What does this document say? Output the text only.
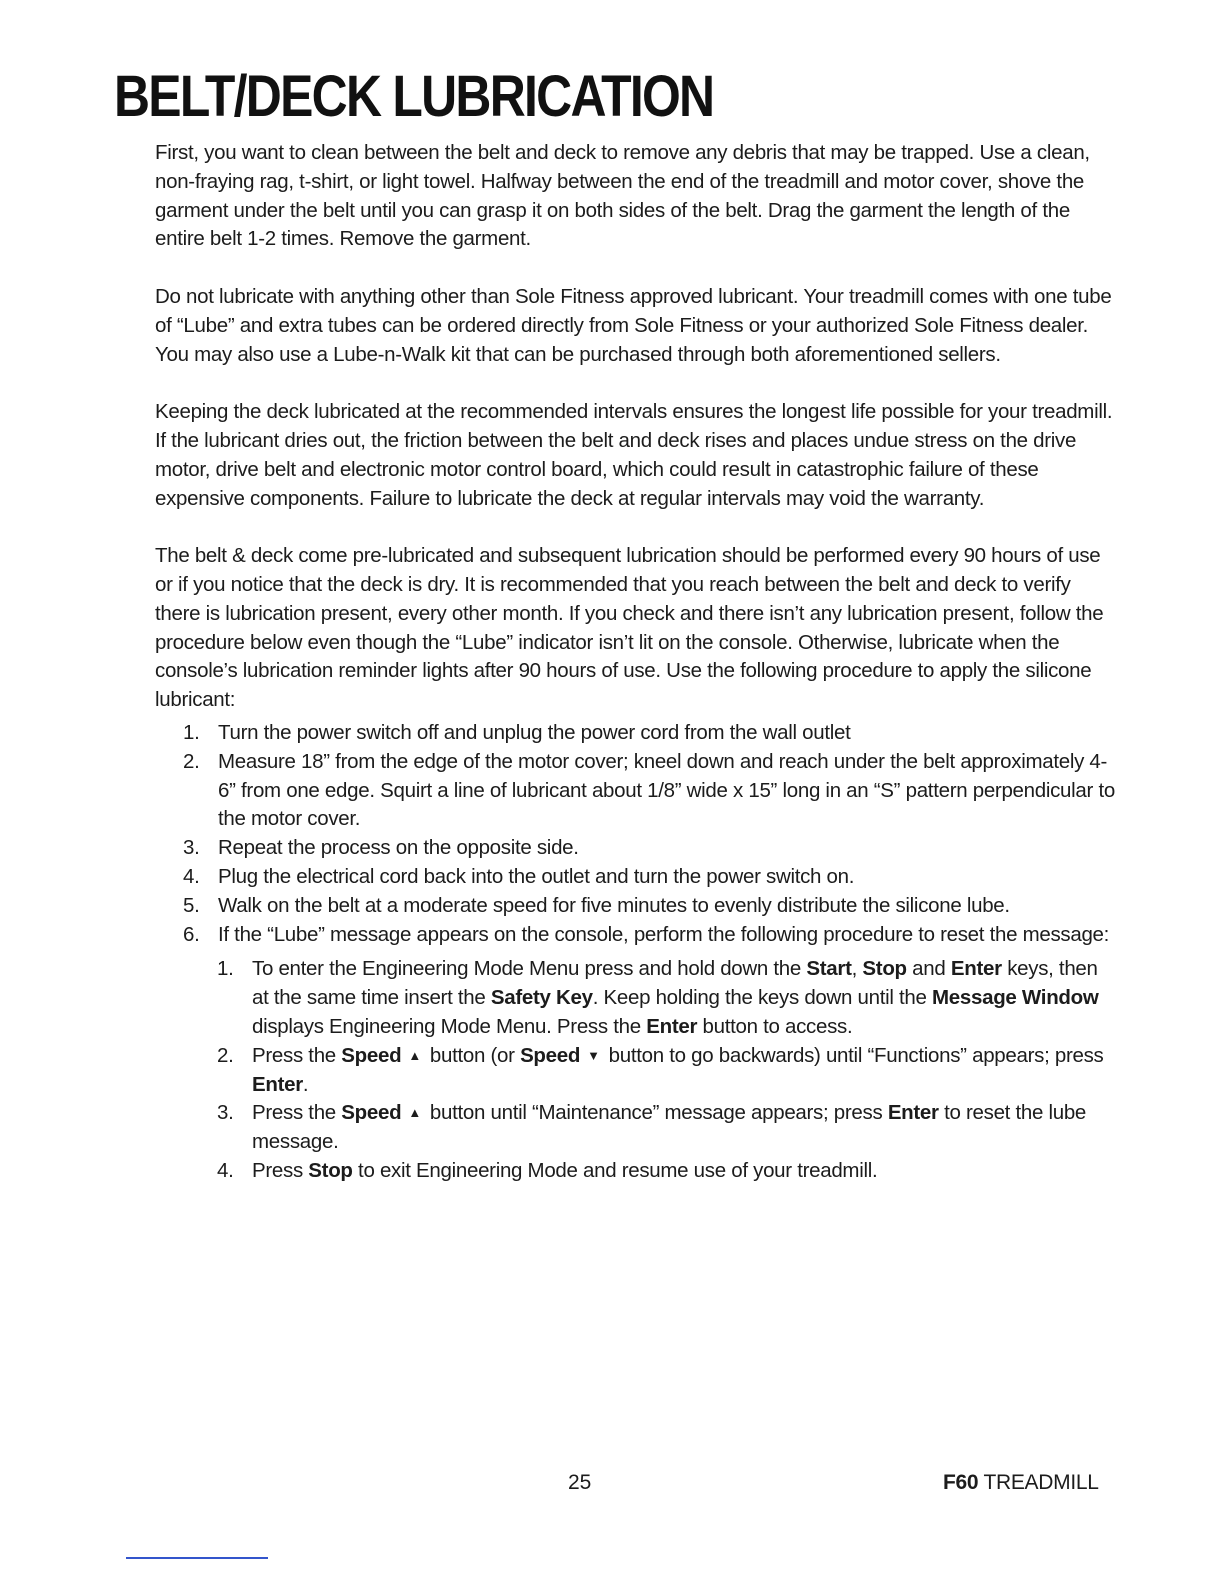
BELT/DECK LUBRICATION

First, you want to clean between the belt and deck to remove any debris that may be trapped. Use a clean, non-fraying rag, t-shirt, or light towel. Halfway between the end of the treadmill and motor cover, shove the garment under the belt until you can grasp it on both sides of the belt. Drag the garment the length of the entire belt 1-2 times. Remove the garment.

Do not lubricate with anything other than Sole Fitness approved lubricant. Your treadmill comes with one tube of “Lube” and extra tubes can be ordered directly from Sole Fitness or your authorized Sole Fitness dealer. You may also use a Lube-n-Walk kit that can be purchased through both aforementioned sellers.

Keeping the deck lubricated at the recommended intervals ensures the longest life possible for your treadmill. If the lubricant dries out, the friction between the belt and deck rises and places undue stress on the drive motor, drive belt and electronic motor control board, which could result in catastrophic failure of these expensive components. Failure to lubricate the deck at regular intervals may void the warranty.

The belt & deck come pre-lubricated and subsequent lubrication should be performed every 90 hours of use or if you notice that the deck is dry. It is recommended that you reach between the belt and deck to verify there is lubrication present, every other month. If you check and there isn’t any lubrication present, follow the procedure below even though the “Lube” indicator isn’t lit on the console. Otherwise, lubricate when the console’s lubrication reminder lights after 90 hours of use. Use the following procedure to apply the silicone lubricant:

1. Turn the power switch off and unplug the power cord from the wall outlet
2. Measure 18” from the edge of the motor cover; kneel down and reach under the belt approximately 4- 6” from one edge. Squirt a line of lubricant about 1/8” wide x 15” long in an “S” pattern perpendicular to the motor cover.
3. Repeat the process on the opposite side.
4. Plug the electrical cord back into the outlet and turn the power switch on.
5. Walk on the belt at a moderate speed for five minutes to evenly distribute the silicone lube.
6. If the “Lube” message appears on the console, perform the following procedure to reset the message:
1. To enter the Engineering Mode Menu press and hold down the Start, Stop and Enter keys, then at the same time insert the Safety Key. Keep holding the keys down until the Message Window displays Engineering Mode Menu. Press the Enter button to access.
2. Press the Speed ▲ button (or Speed ▼ button to go backwards) until “Functions” appears; press Enter.
3. Press the Speed ▲ button until “Maintenance” message appears; press Enter to reset the lube message.
4. Press Stop to exit Engineering Mode and resume use of your treadmill.
25	F60 TREADMILL
